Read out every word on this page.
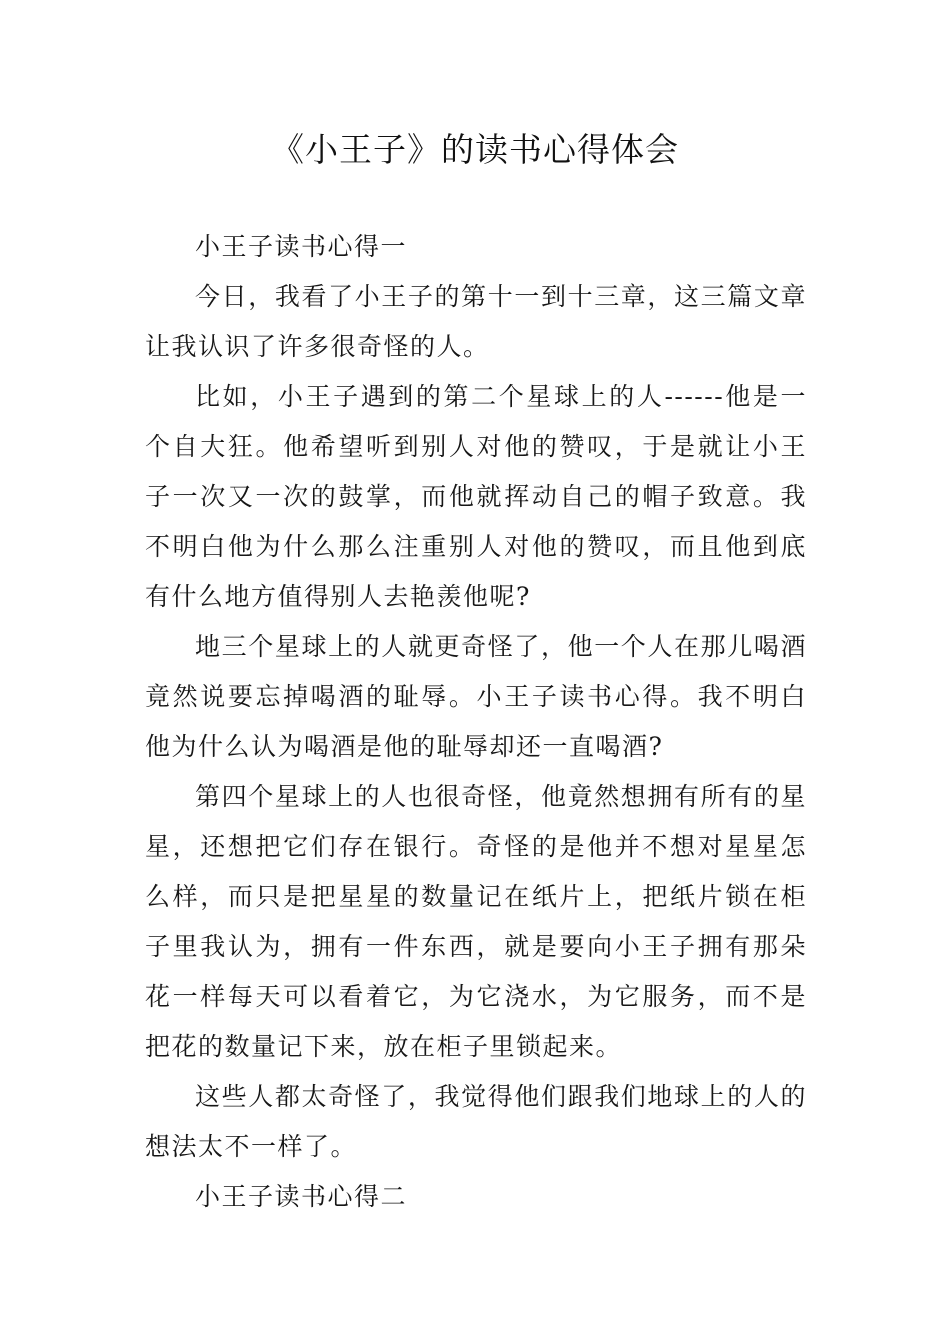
《小王子》的读书心得体会

小王子读书心得一

今日，我看了小王子的第十一到十三章，这三篇文章让我认识了许多很奇怪的人。

比如，小王子遇到的第二个星球上的人------他是一个自大狂。他希望听到别人对他的赞叹，于是就让小王子一次又一次的鼓掌，而他就挥动自己的帽子致意。我不明白他为什么那么注重别人对他的赞叹，而且他到底有什么地方值得别人去艳羡他呢?

地三个星球上的人就更奇怪了，他一个人在那儿喝酒竟然说要忘掉喝酒的耻辱。小王子读书心得。我不明白他为什么认为喝酒是他的耻辱却还一直喝酒?

第四个星球上的人也很奇怪，他竟然想拥有所有的星星，还想把它们存在银行。奇怪的是他并不想对星星怎么样，而只是把星星的数量记在纸片上，把纸片锁在柜子里我认为，拥有一件东西，就是要向小王子拥有那朵花一样每天可以看着它，为它浇水，为它服务，而不是把花的数量记下来，放在柜子里锁起来。

这些人都太奇怪了，我觉得他们跟我们地球上的人的想法太不一样了。

小王子读书心得二
